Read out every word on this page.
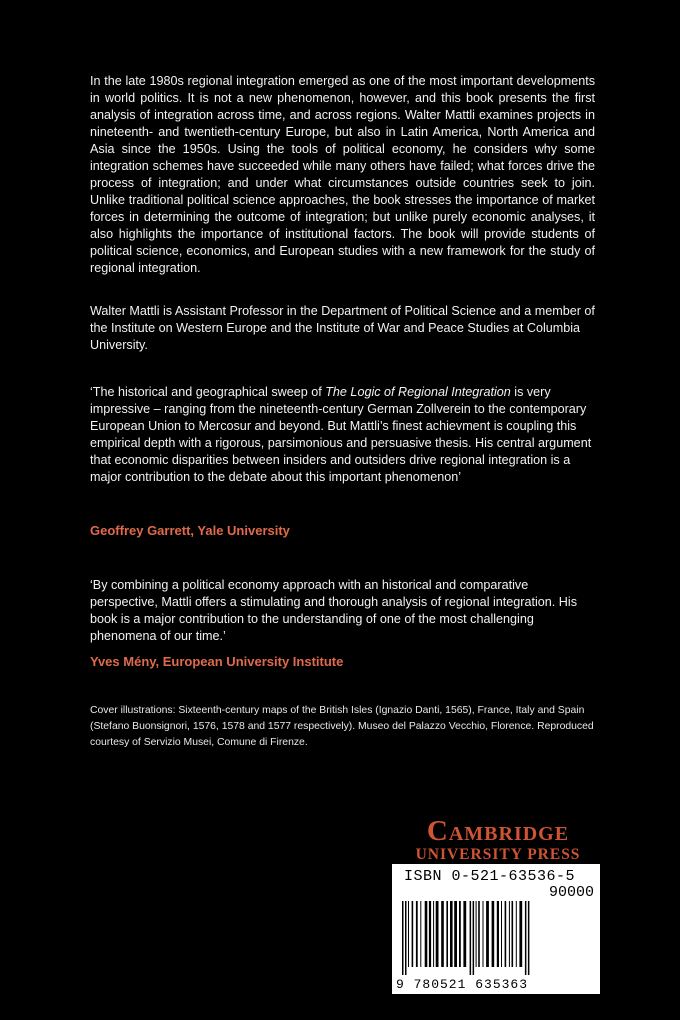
In the late 1980s regional integration emerged as one of the most important developments in world politics. It is not a new phenomenon, however, and this book presents the first analysis of integration across time, and across regions. Walter Mattli examines projects in nineteenth- and twentieth-century Europe, but also in Latin America, North America and Asia since the 1950s. Using the tools of political economy, he considers why some integration schemes have succeeded while many others have failed; what forces drive the process of integration; and under what circumstances outside countries seek to join. Unlike traditional political science approaches, the book stresses the importance of market forces in determining the outcome of integration; but unlike purely economic analyses, it also highlights the importance of institutional factors. The book will provide students of political science, economics, and European studies with a new framework for the study of regional integration.

Walter Mattli is Assistant Professor in the Department of Political Science and a member of the Institute on Western Europe and the Institute of War and Peace Studies at Columbia University.

‘The historical and geographical sweep of The Logic of Regional Integration is very impressive – ranging from the nineteenth-century German Zollverein to the contemporary European Union to Mercosur and beyond. But Mattli’s finest achievment is coupling this empirical depth with a rigorous, parsimonious and persuasive thesis. His central argument that economic disparities between insiders and outsiders drive regional integration is a major contribution to the debate about this important phenomenon’

Geoffrey Garrett, Yale University

‘By combining a political economy approach with an historical and comparative perspective, Mattli offers a stimulating and thorough analysis of regional integration. His book is a major contribution to the understanding of one of the most challenging phenomena of our time.’

Yves Mény, European University Institute

Cover illustrations: Sixteenth-century maps of the British Isles (Ignazio Danti, 1565), France, Italy and Spain (Stefano Buonsignori, 1576, 1578 and 1577 respectively). Museo del Palazzo Vecchio, Florence. Reproduced courtesy of Servizio Musei, Comune di Firenze.

Cambridge
UNIVERSITY PRESS
ISBN 0-521-63536-5
90000
9 780521 635363
